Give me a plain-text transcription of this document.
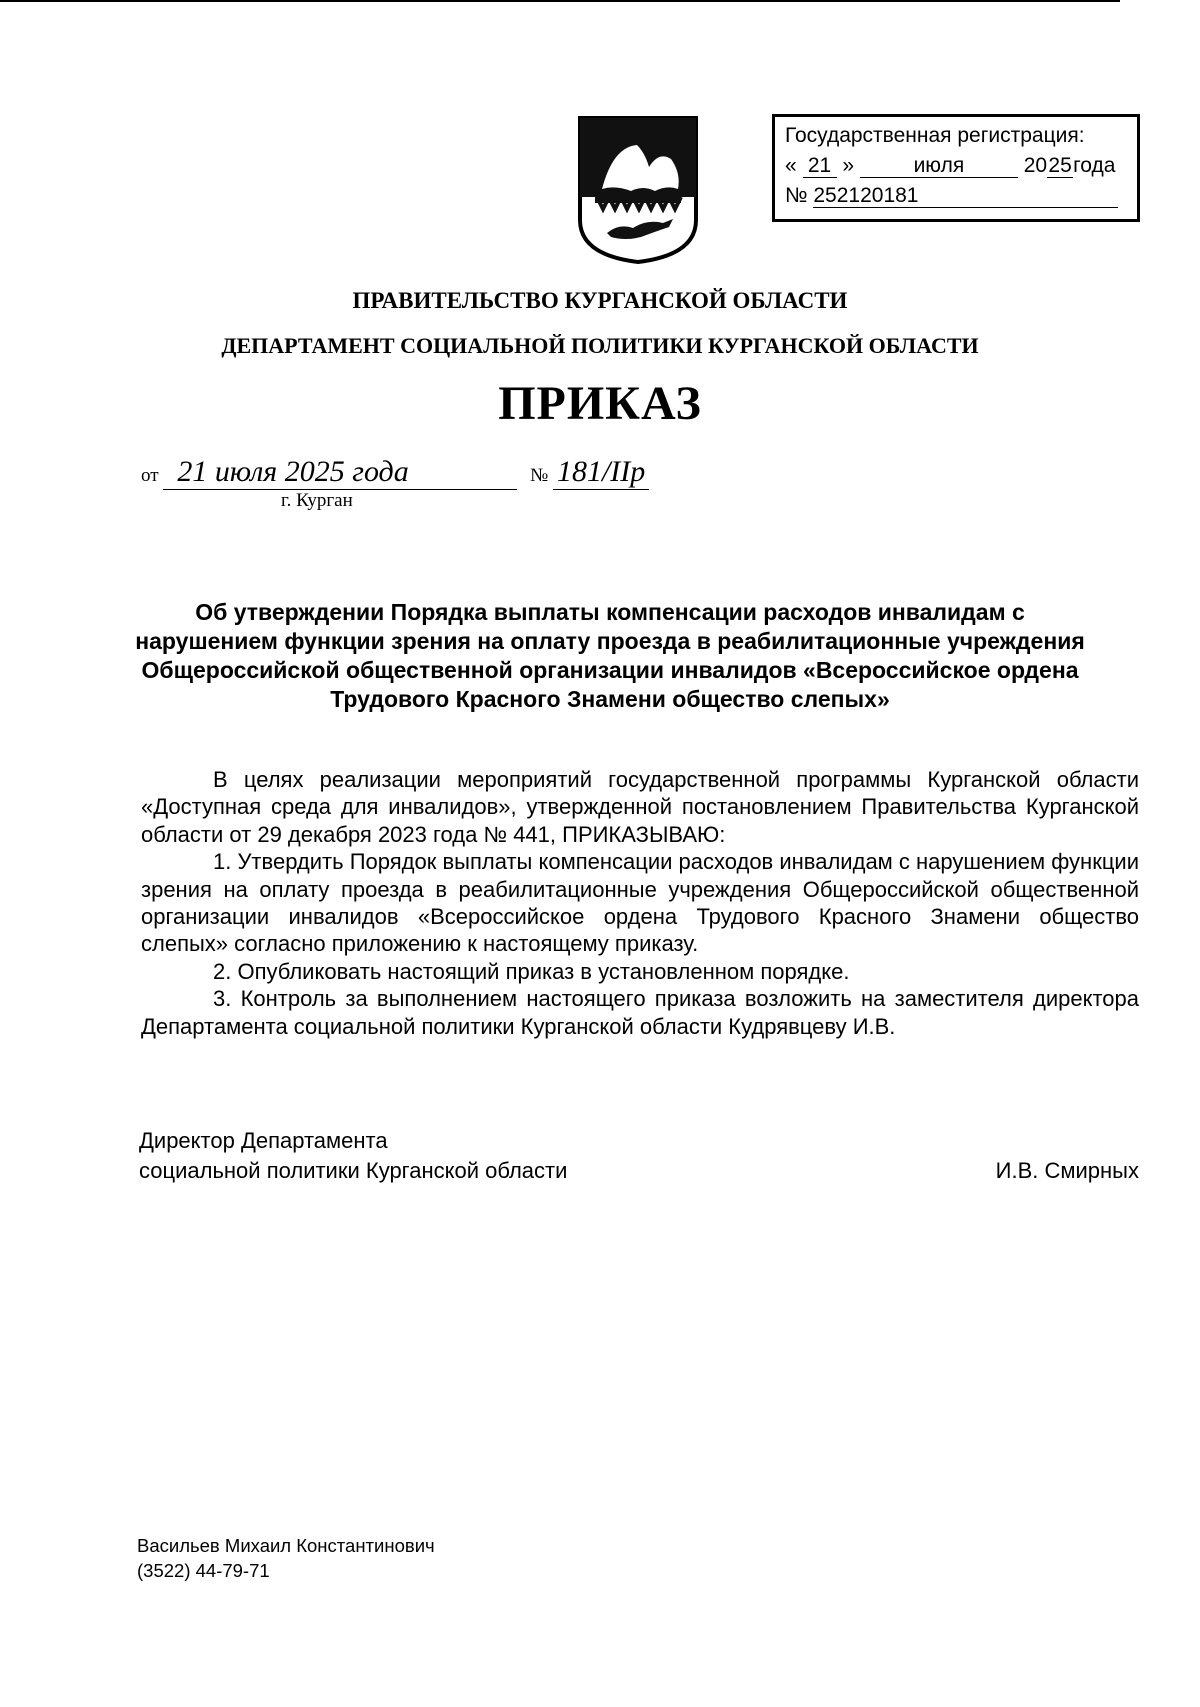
Государственная регистрация:
« 21 »	июля	2025года
№ 252120181
ПРАВИТЕЛЬСТВО КУРГАНСКОЙ ОБЛАСТИ
ДЕПАРТАМЕНТ СОЦИАЛЬНОЙ ПОЛИТИКИ КУРГАНСКОЙ ОБЛАСТИ
ПРИКАЗ
от 21 июля 2025 года	№ 181/ІІр
г. Курган
Об утверждении Порядка выплаты компенсации расходов инвалидам с
нарушением функции зрения на оплату проезда в реабилитационные учреждения
Общероссийской общественной организации инвалидов «Всероссийское ордена
Трудового Красного Знамени общество слепых»

В целях реализации мероприятий государственной программы Курганской области «Доступная среда для инвалидов», утвержденной постановлением Правительства Курганской области от 29 декабря 2023 года № 441, ПРИКАЗЫВАЮ:

1. Утвердить Порядок выплаты компенсации расходов инвалидам с нарушением функции зрения на оплату проезда в реабилитационные учреждения Общероссийской общественной организации инвалидов «Всероссийское ордена Трудового Красного Знамени общество слепых» согласно приложению к настоящему приказу.

2. Опубликовать настоящий приказ в установленном порядке.

3. Контроль за выполнением настоящего приказа возложить на заместителя директора Департамента социальной политики Курганской области Кудрявцеву И.В.

Директор Департамента
социальной политики Курганской области	И.В. Смирных
Васильев Михаил Константинович
(3522) 44-79-71
